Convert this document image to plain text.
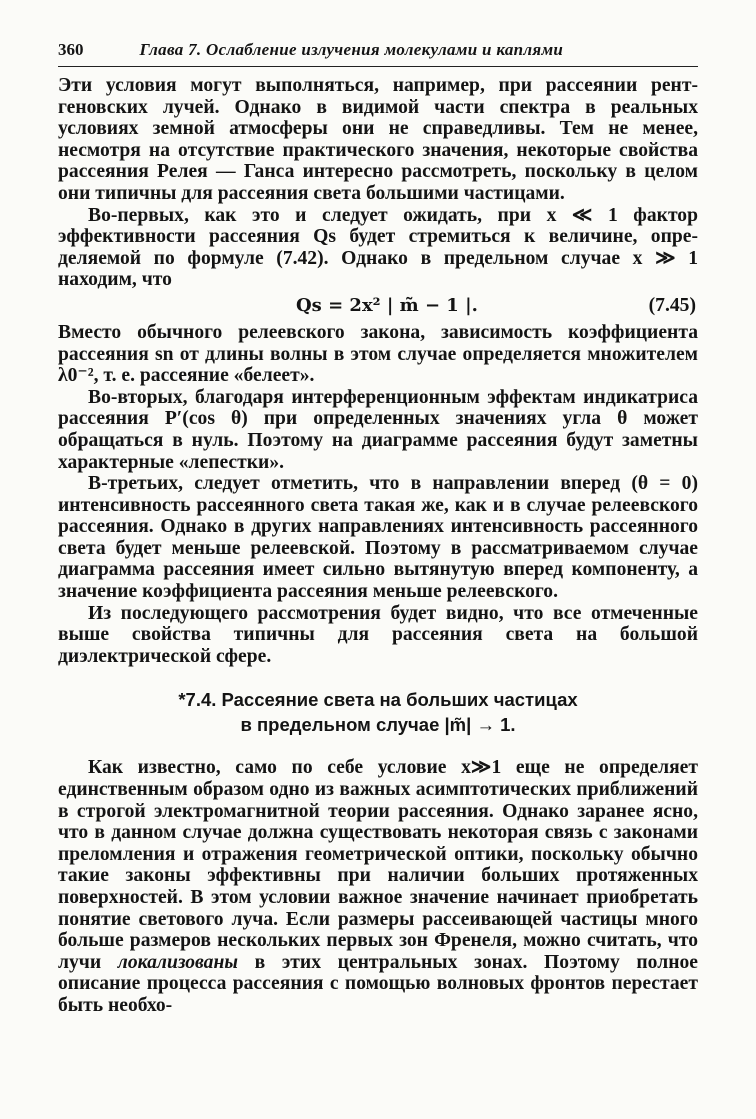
360	Глава 7. Ослабление излучения молекулами и каплями

Эти условия могут выполняться, например, при рассеянии рентгеновских лучей. Однако в видимой части спектра в реальных условиях земной атмосферы они не справедливы. Тем не менее, несмотря на отсутствие практического значения, некоторые свойства рассеяния Релея — Ганса интересно рассмотреть, поскольку в целом они типичны для рассеяния света большими частицами.

Во-первых, как это и следует ожидать, при x ≪ 1 фактор эффективности рассеяния Qs будет стремиться к величине, определяемой по формуле (7.42). Однако в предельном случае x ≫ 1 находим, что

Qs = 2x² | m̃ − 1 |.	(7.45)

Вместо обычного релеевского закона, зависимость коэффициента рассеяния sn от длины волны в этом случае определяется множителем λ0⁻², т. е. рассеяние «белеет».

Во-вторых, благодаря интерференционным эффектам индикатриса рассеяния P′(cos θ) при определенных значениях угла θ может обращаться в нуль. Поэтому на диаграмме рассеяния будут заметны характерные «лепестки».

В-третьих, следует отметить, что в направлении вперед (θ = 0) интенсивность рассеянного света такая же, как и в случае релеевского рассеяния. Однако в других направлениях интенсивность рассеянного света будет меньше релеевской. Поэтому в рассматриваемом случае диаграмма рассеяния имеет сильно вытянутую вперед компоненту, а значение коэффициента рассеяния меньше релеевского.

Из последующего рассмотрения будет видно, что все отмеченные выше свойства типичны для рассеяния света на большой диэлектрической сфере.

*7.4. Рассеяние света на больших частицах
в предельном случае |m̃| → 1.

Как известно, само по себе условие x≫1 еще не определяет единственным образом одно из важных асимптотических приближений в строгой электромагнитной теории рассеяния. Однако заранее ясно, что в данном случае должна существовать некоторая связь с законами преломления и отражения геометрической оптики, поскольку обычно такие законы эффективны при наличии больших протяженных поверхностей. В этом условии важное значение начинает приобретать понятие светового луча. Если размеры рассеивающей частицы много больше размеров нескольких первых зон Френеля, можно считать, что лучи локализованы в этих центральных зонах. Поэтому полное описание процесса рассеяния с помощью волновых фронтов перестает быть необхо-
